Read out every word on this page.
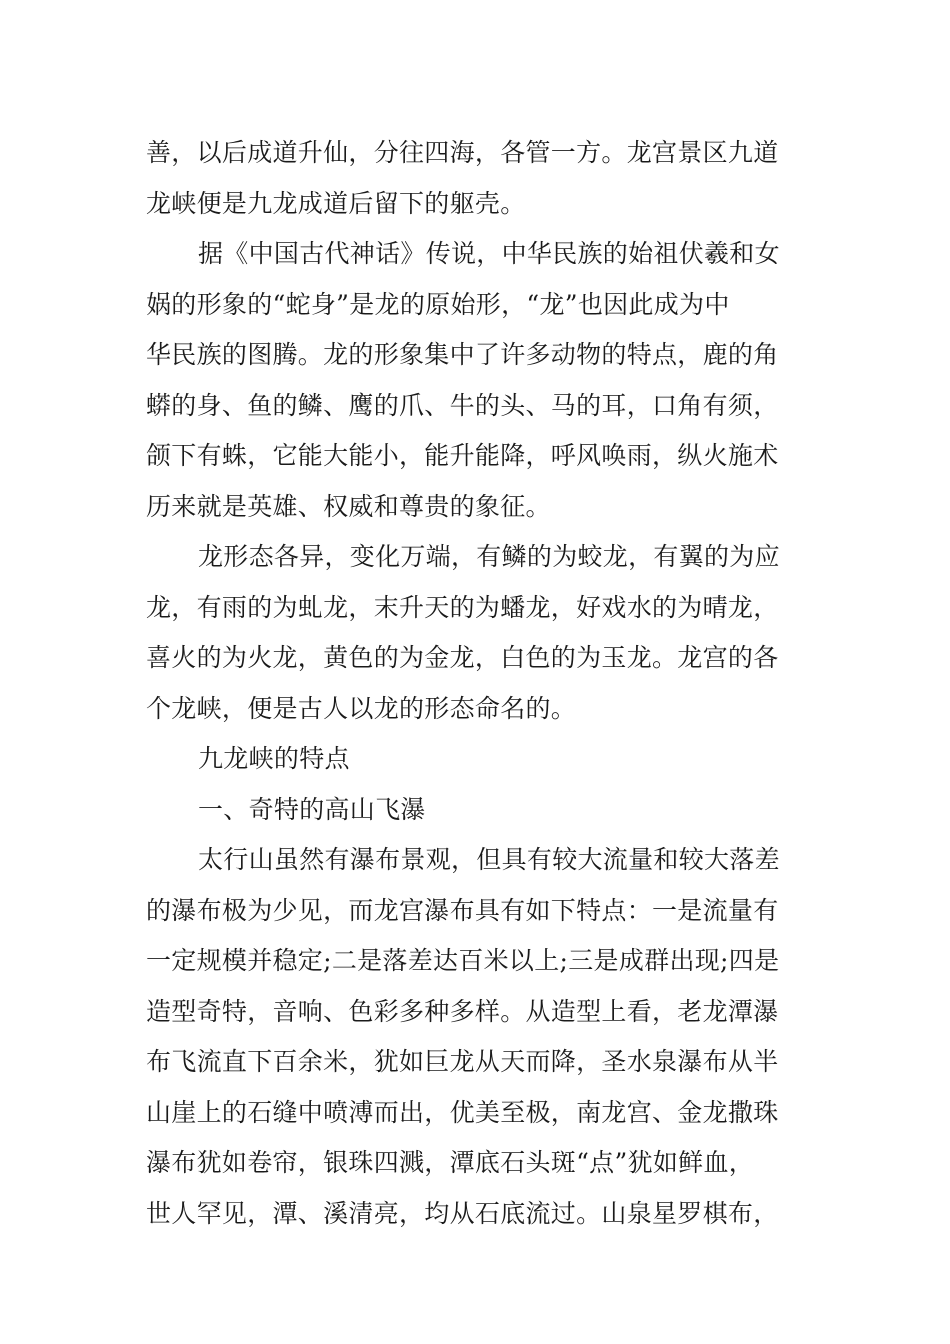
善，以后成道升仙，分往四海，各管一方。龙宫景区九道
龙峡便是九龙成道后留下的躯壳。
据《中国古代神话》传说，中华民族的始祖伏羲和女
娲的形象的“蛇身”是龙的原始形，“龙”也因此成为中
华民族的图腾。龙的形象集中了许多动物的特点，鹿的角
蟒的身、鱼的鳞、鹰的爪、牛的头、马的耳，口角有须，
颌下有蛛，它能大能小，能升能降，呼风唤雨，纵火施术
历来就是英雄、权威和尊贵的象征。
龙形态各异，变化万端，有鳞的为蛟龙，有翼的为应
龙，有雨的为虬龙，末升天的为蟠龙，好戏水的为晴龙，
喜火的为火龙，黄色的为金龙，白色的为玉龙。龙宫的各
个龙峡，便是古人以龙的形态命名的。
九龙峡的特点
一、奇特的高山飞瀑
太行山虽然有瀑布景观，但具有较大流量和较大落差
的瀑布极为少见，而龙宫瀑布具有如下特点：一是流量有
一定规模并稳定;二是落差达百米以上;三是成群出现;四是
造型奇特，音响、色彩多种多样。从造型上看，老龙潭瀑
布飞流直下百余米，犹如巨龙从天而降，圣水泉瀑布从半
山崖上的石缝中喷溥而出，优美至极，南龙宫、金龙撒珠
瀑布犹如卷帘，银珠四溅，潭底石头斑“点”犹如鲜血，
世人罕见，潭、溪清亮，均从石底流过。山泉星罗棋布，
